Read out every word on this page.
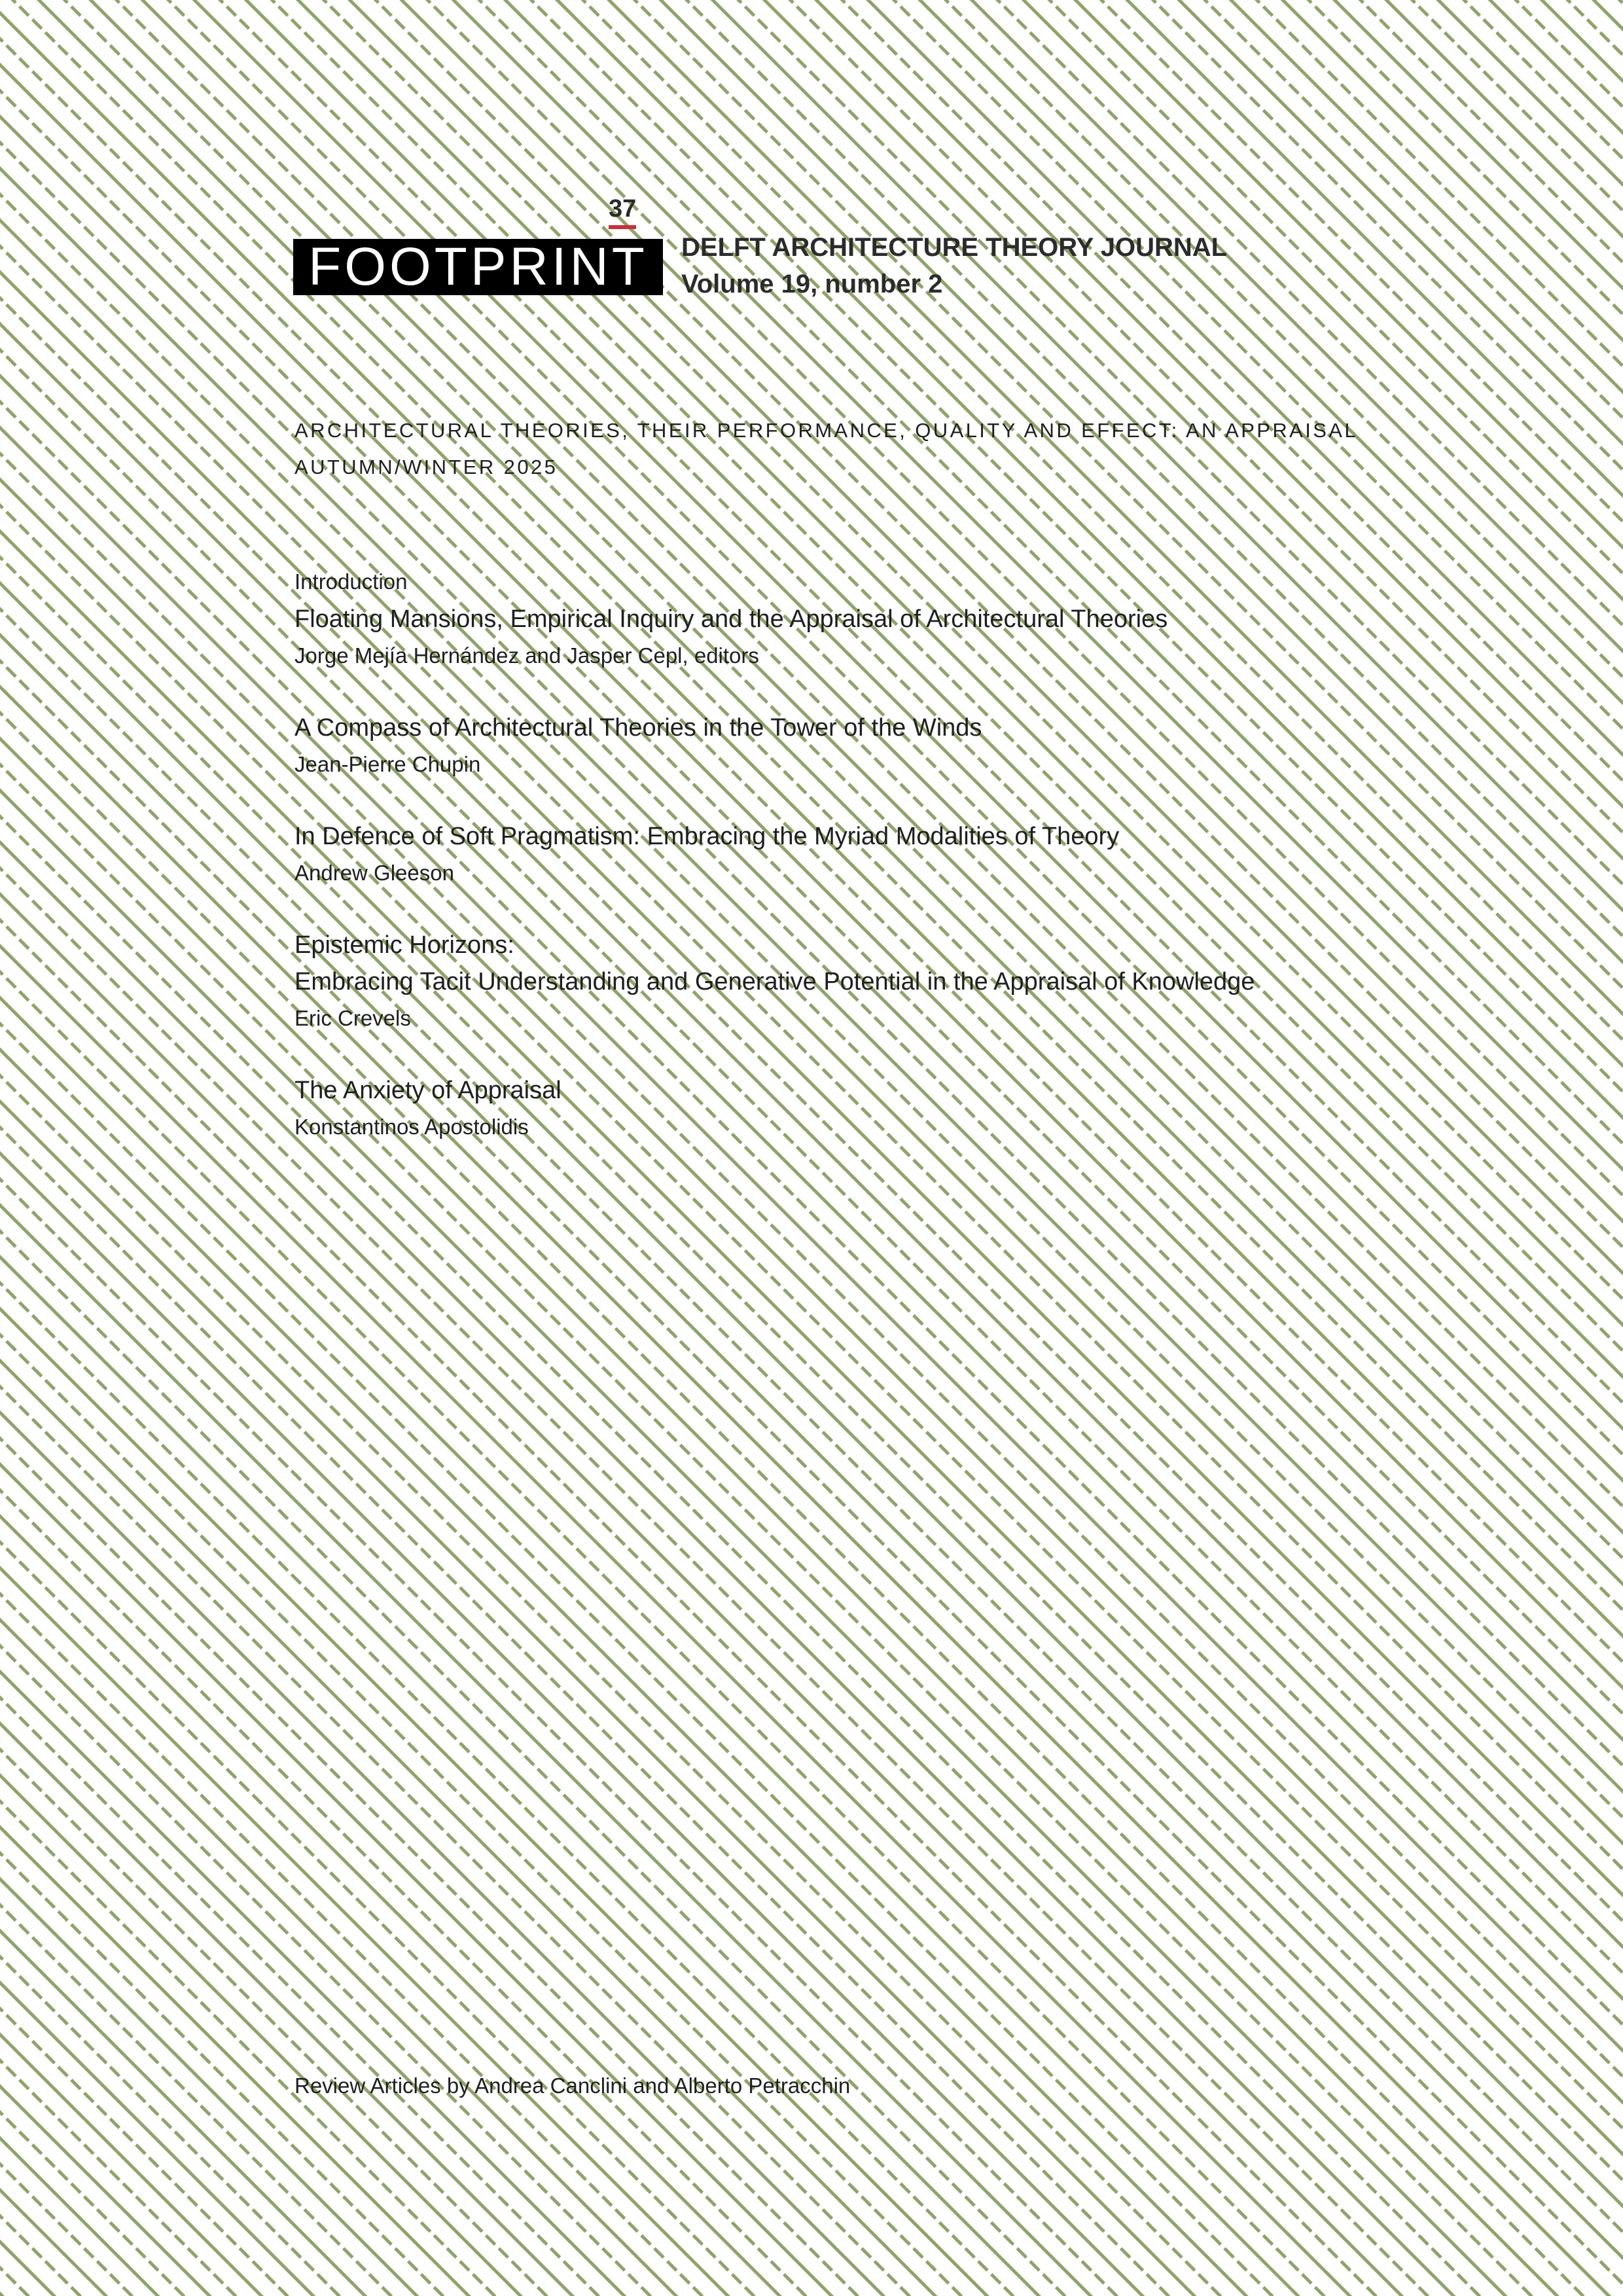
37
FOOTPRINT DELFT ARCHITECTURE THEORY JOURNAL
Volume 19, number 2
ARCHITECTURAL THEORIES, THEIR PERFORMANCE, QUALITY AND EFFECT: AN APPRAISAL
AUTUMN/WINTER 2025
Introduction
Floating Mansions, Empirical Inquiry and the Appraisal of Architectural Theories
Jorge Mejía Hernández and Jasper Cepl, editors
A Compass of Architectural Theories in the Tower of the Winds
Jean-Pierre Chupin
In Defence of Soft Pragmatism: Embracing the Myriad Modalities of Theory
Andrew Gleeson
Epistemic Horizons:
Embracing Tacit Understanding and Generative Potential in the Appraisal of Knowledge
Eric Crevels
The Anxiety of Appraisal
Konstantinos Apostolidis
Review Articles by Andrea Canclini and Alberto Petracchin
